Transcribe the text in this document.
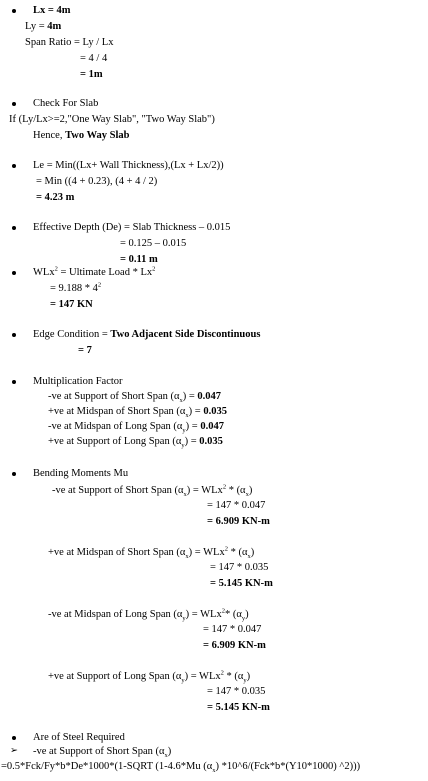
Lx = 4m
Ly = 4m
Span Ratio = Ly / Lx
= 4 / 4
= 1m
Check For Slab
If (Ly/Lx>=2,"One Way Slab", "Two Way Slab")
Hence, Two Way Slab
Le = Min((Lx+ Wall Thickness),(Lx + Lx/2))
= Min ((4 + 0.23), (4 + 4 / 2)
= 4.23 m
Effective Depth (De) = Slab Thickness – 0.015
= 0.125 – 0.015
= 0.11 m
WLx$^2$ = Ultimate Load * $Lx^2$
= $9.188 * 4^2$
= 147 KN
Edge Condition = Two Adjacent Side Discontinuous
= 7
Multiplication Factor
-ve at Support of Short Span $(\alpha_x) = 0.047$
+ve at Midspan of Short Span $(\alpha_x) = 0.035$
-ve at Midspan of Long Span $(\alpha_y) = 0.047$
+ve at Support of Long Span $(\alpha_y) = 0.035$
Bending Moments Mu
-ve at Support of Short Span $(\alpha_x) = WLx^2 * (\alpha_x)$
= 147 * 0.047
= 6.909 KN-m
+ve at Midspan of Short Span $(\alpha_x) = WLx^2 * (\alpha_x)$
= 147 * 0.035
= 5.145 KN-m
-ve at Midspan of Long Span $(\alpha_y) = WLx^2*$ $(\alpha_y)$
= 147 * 0.047
= 6.909 KN-m
+ve at Support of Long Span $(\alpha_y) = WLx^2 * (\alpha_y)$
= 147 * 0.035
= 5.145 KN-m
Are of Steel Required
➢ -ve at Support of Short Span $(\alpha_x)$
=0.5*Fck/Fy*b*De*1000*(1-SQRT (1-4.6*Mu $(\alpha_x)$ *10^6/(Fck*b*(Y10*1000) ^2)))
